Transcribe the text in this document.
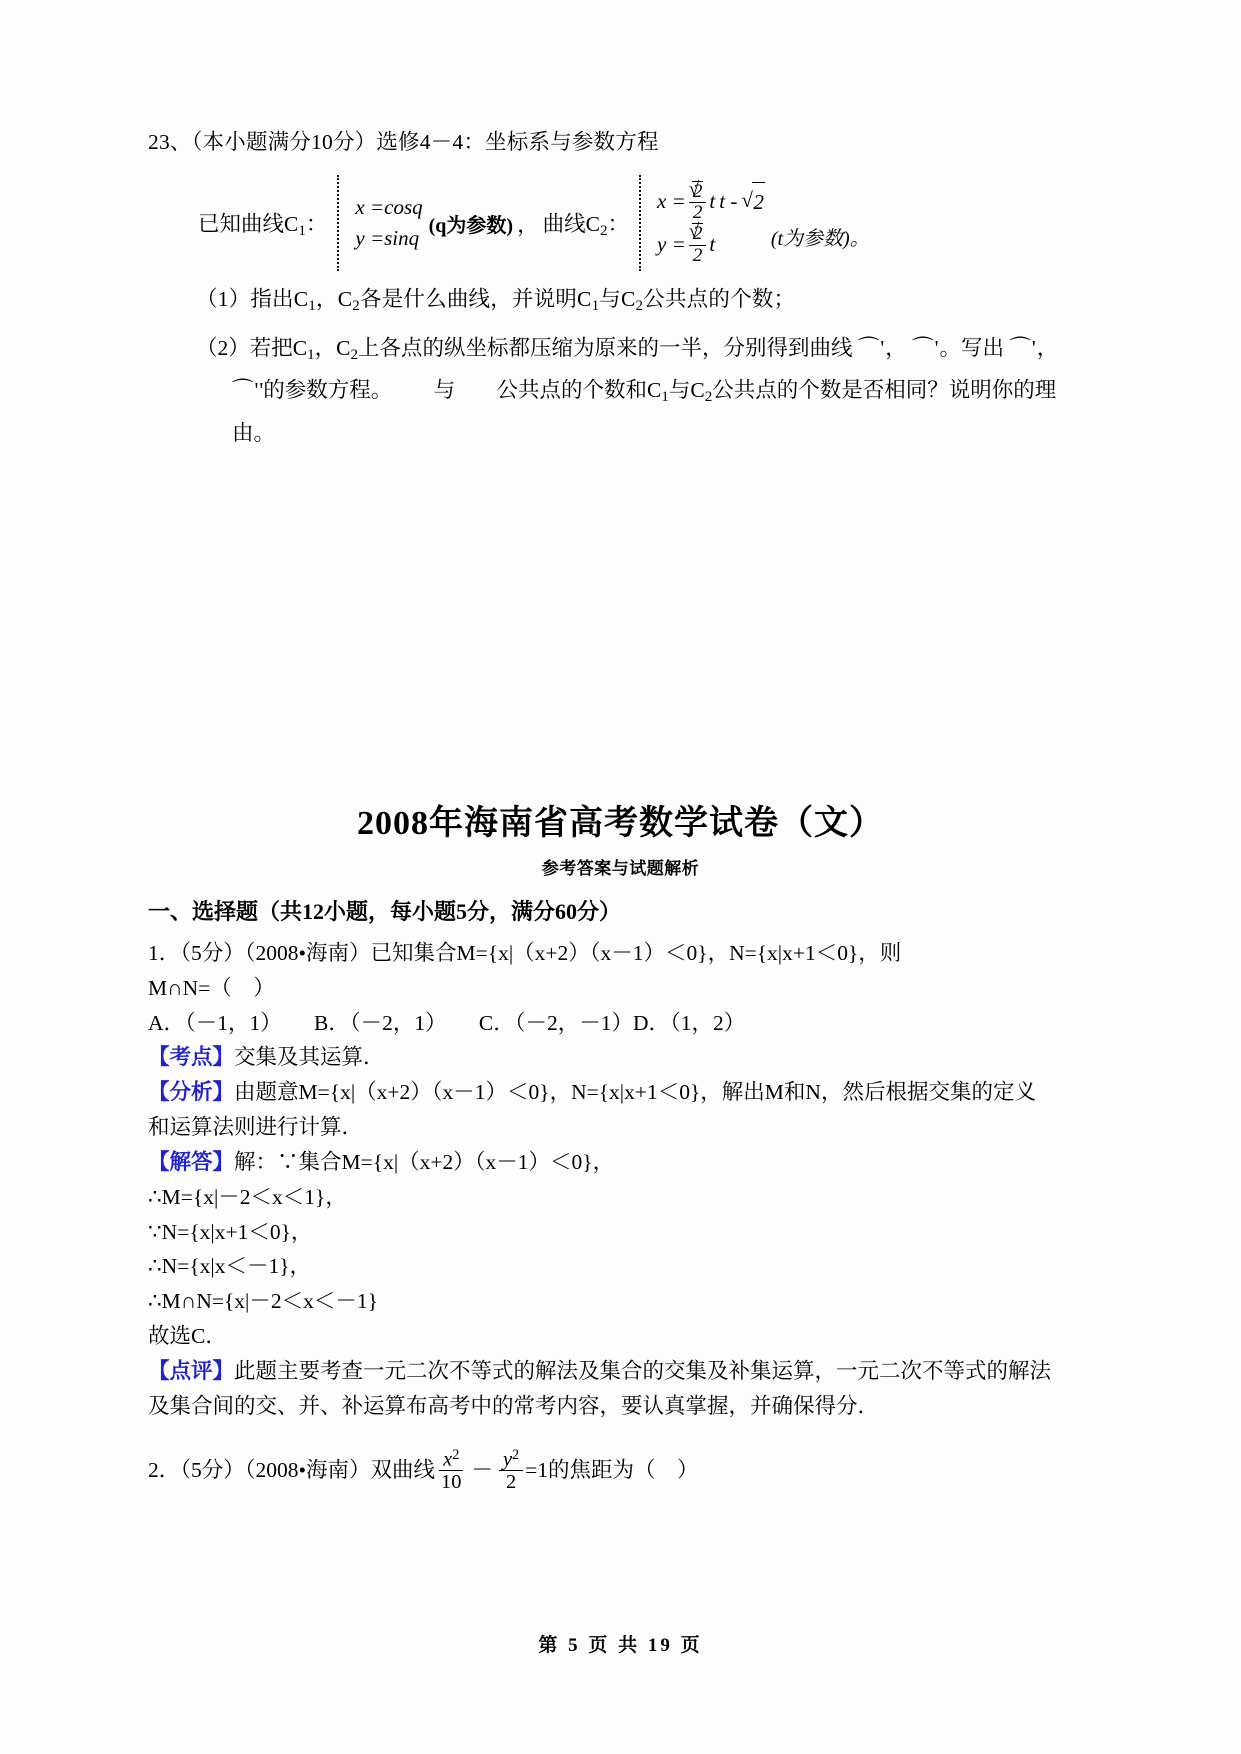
23、（本小题满分10分）选修4－4：坐标系与参数方程
已知曲线$C_1$：
x =cosq
y =sinq
(q为参数) ， 曲线$C_2$：
x = √ $\frac{2}{2}$ t t - √ 2
y = √ $\frac{2}{2}$ t	(t为参数)。
（1）指出$C_1$，$C_2$各是什么曲线，并说明$C_1$与$C_2$公共点的个数；
（2）若把$C_1$，$C_2$上各点的纵坐标都压缩为原来的一半，分别得到曲线 ⌒'， ⌒'。写出 ⌒'，
⌒''的参数方程。 与 公共点的个数和$C_1$与$C_2$公共点的个数是否相同？说明你的理
由。
2008年海南省高考数学试卷（文）
参考答案与试题解析
一、选择题（共12小题，每小题5分，满分60分）
1．（5分）（2008•海南）已知集合M={x|（x+2）（x－1）＜0}，N={x|x+1＜0}，则
M∩N=（　）
A．（－1，1）　　B．（－2，1）　　C．（－2，－1）D．（1，2）
【考点】交集及其运算．
【分析】由题意M={x|（x+2）（x－1）＜0}，N={x|x+1＜0}，解出M和N，然后根据交集的定义
和运算法则进行计算．
【解答】解：∵集合M={x|（x+2）（x－1）＜0}，
∴M={x|－2＜x＜1}，
∵N={x|x+1＜0}，
∴N={x|x＜－1}，
∴M∩N={x|－2＜x＜－1}
故选C．
【点评】此题主要考查一元二次不等式的解法及集合的交集及补集运算，一元二次不等式的解法
及集合间的交、并、补运算布高考中的常考内容，要认真掌握，并确保得分．
2．（5分）（2008•海南）双曲线 $\frac{x^2}{10} - \frac{y^2}{2} =1$的焦距为（　）
第 5 页 共 19 页
